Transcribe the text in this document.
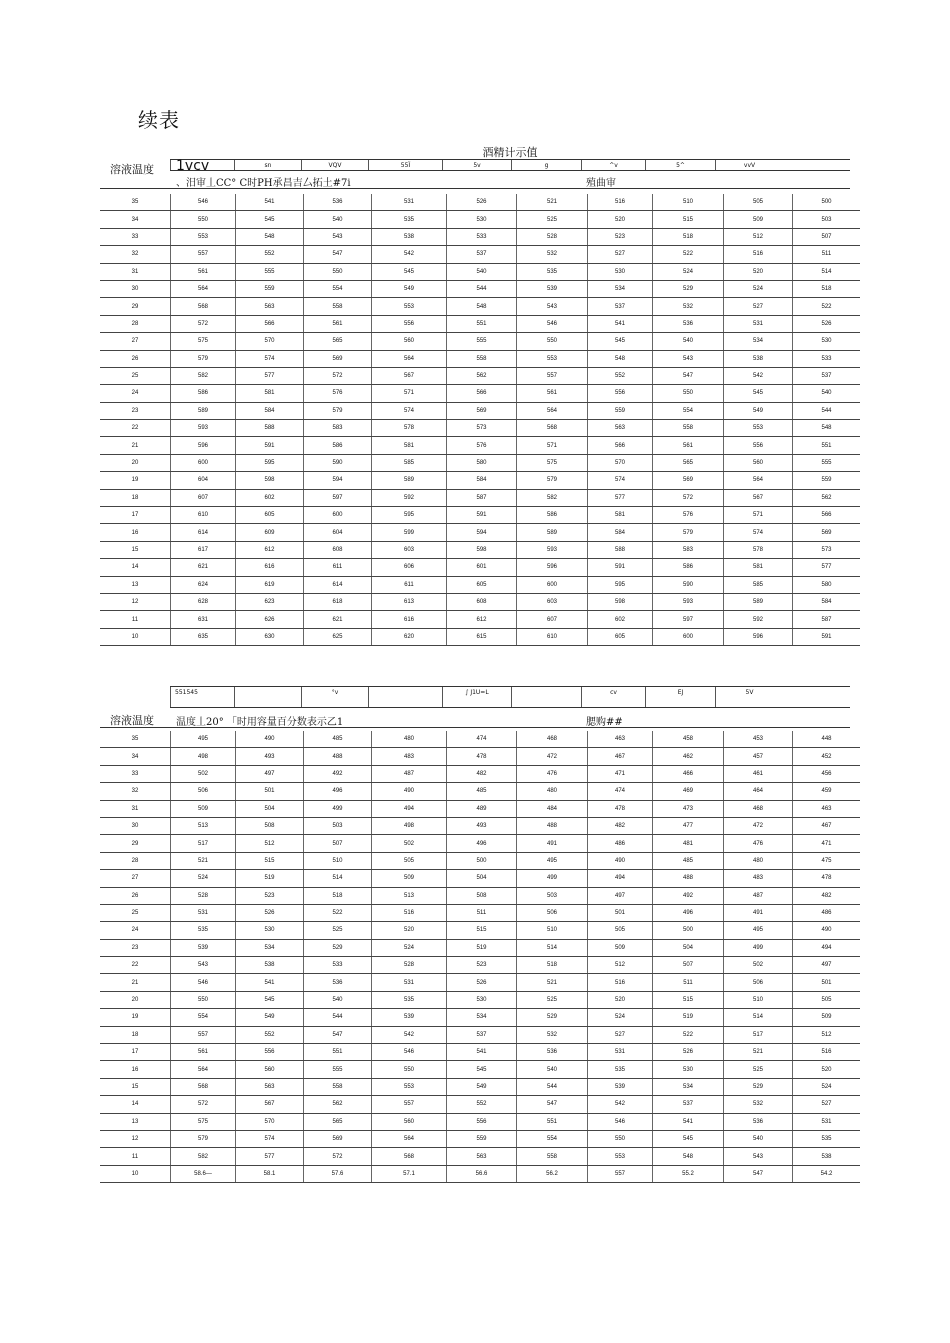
续表
酒精计示值
sn	VQV	55Ï	5v	g	^v	5^	vvV
溶液温度 1vcv
、汨审丄CC° C时PH承昌吉厶拓土#7i	殖曲审
35	546	541	536	531	526	521	516	510	505	500
34	550	545	540	535	530	525	520	515	509	503
33	553	548	543	538	533	528	523	518	512	507
32	557	552	547	542	537	532	527	522	516	511
31	561	555	550	545	540	535	530	524	520	514
30	564	559	554	549	544	539	534	529	524	518
29	568	563	558	553	548	543	537	532	527	522
28	572	566	561	556	551	546	541	536	531	526
27	575	570	565	560	555	550	545	540	534	530
26	579	574	569	564	558	553	548	543	538	533
25	582	577	572	567	562	557	552	547	542	537
24	586	581	576	571	566	561	556	550	545	540
23	589	584	579	574	569	564	559	554	549	544
22	593	588	583	578	573	568	563	558	553	548
21	596	591	586	581	576	571	566	561	556	551
20	600	595	590	585	580	575	570	565	560	555
19	604	598	594	589	584	579	574	569	564	559
18	607	602	597	592	587	582	577	572	567	562
17	610	605	600	595	591	586	581	576	571	566
16	614	609	604	599	594	589	584	579	574	569
15	617	612	608	603	598	593	588	583	578	573
14	621	616	611	606	601	596	591	586	581	577
13	624	619	614	611	605	600	595	590	585	580
12	628	623	618	613	608	603	598	593	589	584
11	631	626	621	616	612	607	602	597	592	587
10	635	630	625	620	615	610	605	600	596	591
°v	∫ J1U=L	cv	EJ	5V
551545
溶液温度 温度丄20° 「时用容量百分数表示乙1	腮购##
35	495	490	485	480	474	468	463	458	453	448
34	498	493	488	483	478	472	467	462	457	452
33	502	497	492	487	482	476	471	466	461	456
32	506	501	496	490	485	480	474	469	464	459
31	509	504	499	494	489	484	478	473	468	463
30	513	508	503	498	493	488	482	477	472	467
29	517	512	507	502	496	491	486	481	476	471
28	521	515	510	505	500	495	490	485	480	475
27	524	519	514	509	504	499	494	488	483	478
26	528	523	518	513	508	503	497	492	487	482
25	531	526	522	516	511	506	501	496	491	486
24	535	530	525	520	515	510	505	500	495	490
23	539	534	529	524	519	514	509	504	499	494
22	543	538	533	528	523	518	512	507	502	497
21	546	541	536	531	526	521	516	511	506	501
20	550	545	540	535	530	525	520	515	510	505
19	554	549	544	539	534	529	524	519	514	509
18	557	552	547	542	537	532	527	522	517	512
17	561	556	551	546	541	536	531	526	521	516
16	564	560	555	550	545	540	535	530	525	520
15	568	563	558	553	549	544	539	534	529	524
14	572	567	562	557	552	547	542	537	532	527
13	575	570	565	560	556	551	546	541	536	531
12	579	574	569	564	559	554	550	545	540	535
11	582	577	572	568	563	558	553	548	543	538
10	58.6—	58.1	57.6	57.1	56.6	56.2	557	55.2	547	54.2
